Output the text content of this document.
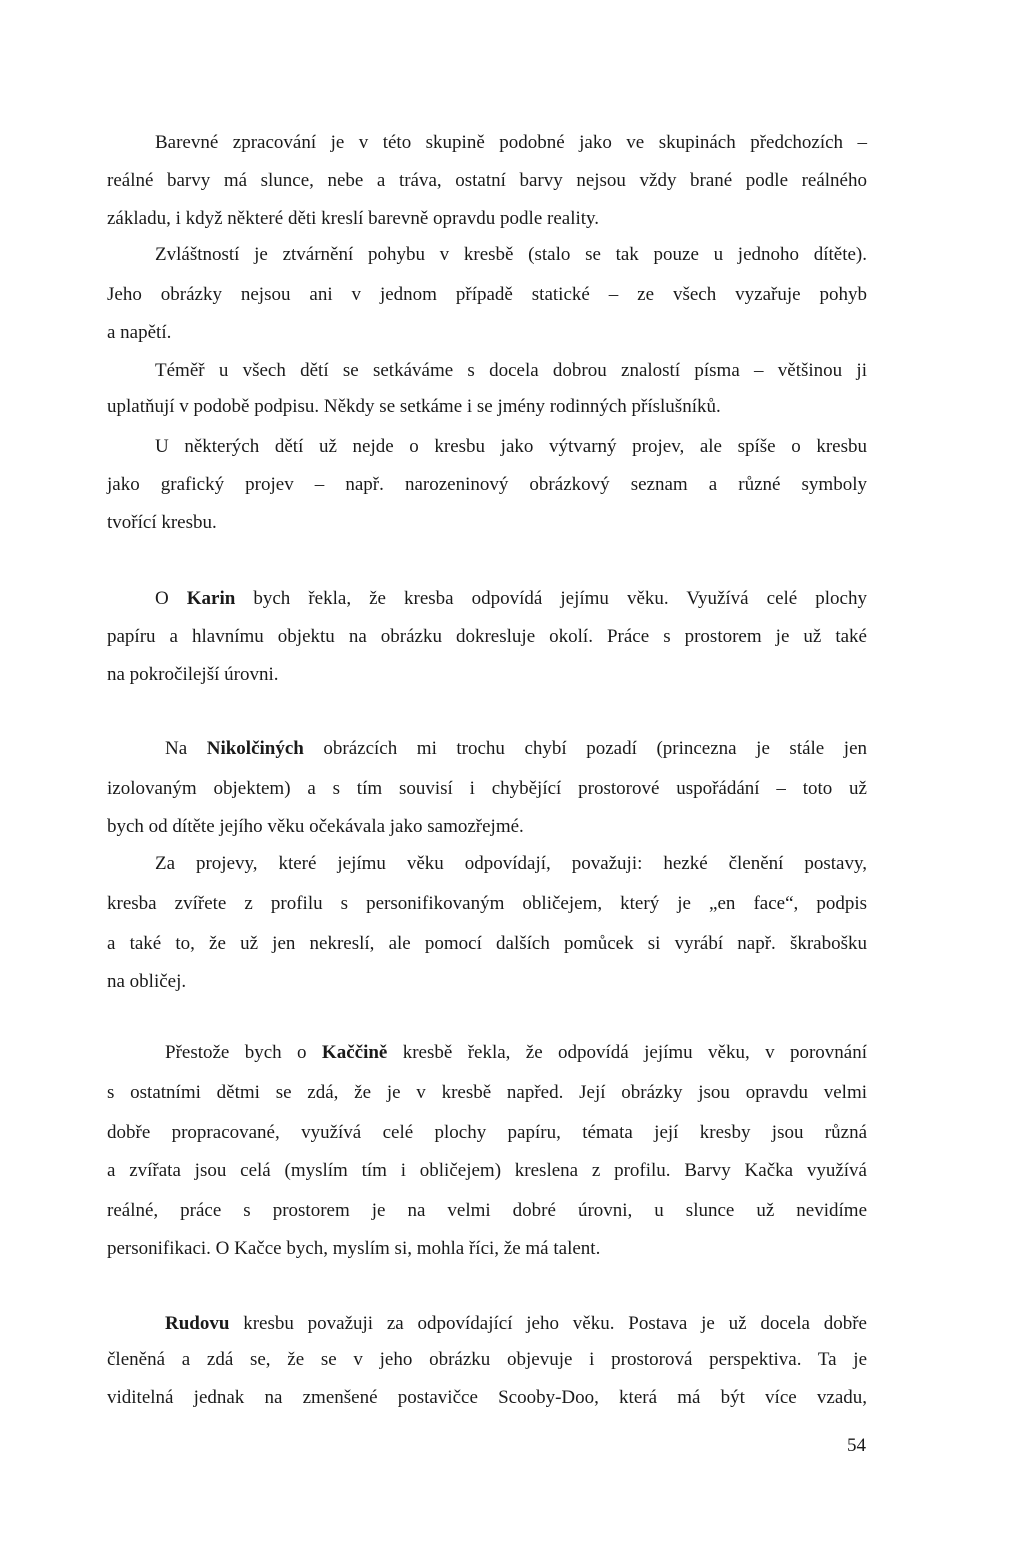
Barevné zpracování je v této skupině podobné jako ve skupinách předchozích –
reálné barvy má slunce, nebe a tráva, ostatní barvy nejsou vždy brané podle reálného
základu, i když některé děti kreslí barevně opravdu podle reality.
Zvláštností je ztvárnění pohybu v kresbě (stalo se tak pouze u jednoho dítěte).
Jeho obrázky nejsou ani v jednom případě statické – ze všech vyzařuje pohyb
a napětí.
Téměř u všech dětí se setkáváme s docela dobrou znalostí písma – většinou ji
uplatňují v podobě podpisu. Někdy se setkáme i se jmény rodinných příslušníků.
U některých dětí už nejde o kresbu jako výtvarný projev, ale spíše o kresbu
jako grafický projev – např. narozeninový obrázkový seznam a různé symboly
tvořící kresbu.
O Karin bych řekla, že kresba odpovídá jejímu věku. Využívá celé plochy
papíru a hlavnímu objektu na obrázku dokresluje okolí. Práce s prostorem je už také
na pokročilejší úrovni.
Na Nikolčiných obrázcích mi trochu chybí pozadí (princezna je stále jen
izolovaným objektem) a s tím souvisí i chybějící prostorové uspořádání – toto už
bych od dítěte jejího věku očekávala jako samozřejmé.
Za projevy, které jejímu věku odpovídají, považuji: hezké členění postavy,
kresba zvířete z profilu s personifikovaným obličejem, který je „en face“, podpis
a také to, že už jen nekreslí, ale pomocí dalších pomůcek si vyrábí např. škrabošku
na obličej.
Přestože bych o Kaččině kresbě řekla, že odpovídá jejímu věku, v porovnání
s ostatními dětmi se zdá, že je v kresbě napřed. Její obrázky jsou opravdu velmi
dobře propracované, využívá celé plochy papíru, témata její kresby jsou různá
a zvířata jsou celá (myslím tím i obličejem) kreslena z profilu. Barvy Kačka využívá
reálné, práce s prostorem je na velmi dobré úrovni, u slunce už nevidíme
personifikaci. O Kačce bych, myslím si, mohla říci, že má talent.
Rudovu kresbu považuji za odpovídající jeho věku. Postava je už docela dobře
členěná a zdá se, že se v jeho obrázku objevuje i prostorová perspektiva. Ta je
viditelná jednak na zmenšené postavičce Scooby-Doo, která má být více vzadu,
54
